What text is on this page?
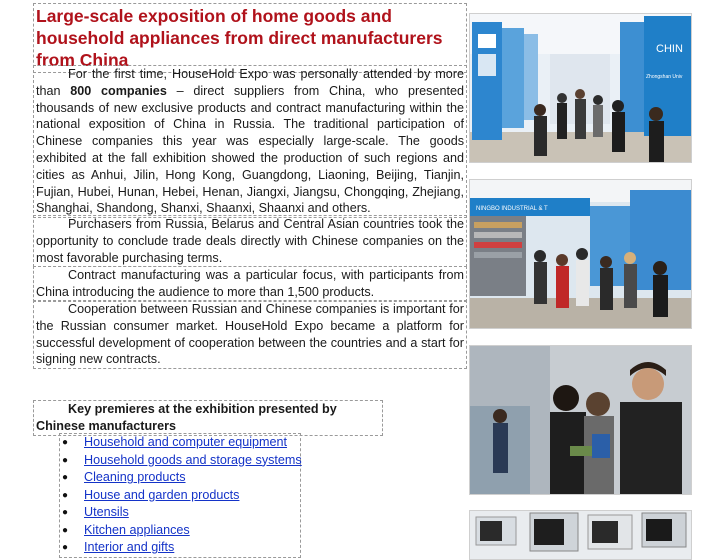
Large-scale exposition of home goods and household appliances from direct manufacturers from China

For the first time, HouseHold Expo was personally attended by more than 800 companies – direct suppliers from China, who presented thousands of new exclusive products and contract manufacturing within the national exposition of China in Russia. The traditional participation of Chinese companies this year was especially large-scale. The goods exhibited at the fall exhibition showed the production of such regions and cities as Anhui, Jilin, Hong Kong, Guangdong, Liaoning, Beijing, Tianjin, Fujian, Hubei, Hunan, Hebei, Henan, Jiangxi, Jiangsu, Chongqing, Zhejiang, Shanghai, Shandong, Shanxi, Shaanxi, Shaanxi and others.

Purchasers from Russia, Belarus and Central Asian countries took the opportunity to conclude trade deals directly with Chinese companies on the most favorable purchasing terms.

Contract manufacturing was a particular focus, with participants from China introducing the audience to more than 1,500 products.

Cooperation between Russian and Chinese companies is important for the Russian consumer market. HouseHold Expo became a platform for successful development of cooperation between the countries and a start for signing new contracts.

Key premieres at the exhibition presented by Chinese manufacturers

● Household and computer equipment
● Household goods and storage systems
● Cleaning products
● House and garden products
● Utensils
● Kitchen appliances
● Interior and gifts
CHIN
Zhongshan Univ
NINGBO INDUSTRIAL & T
